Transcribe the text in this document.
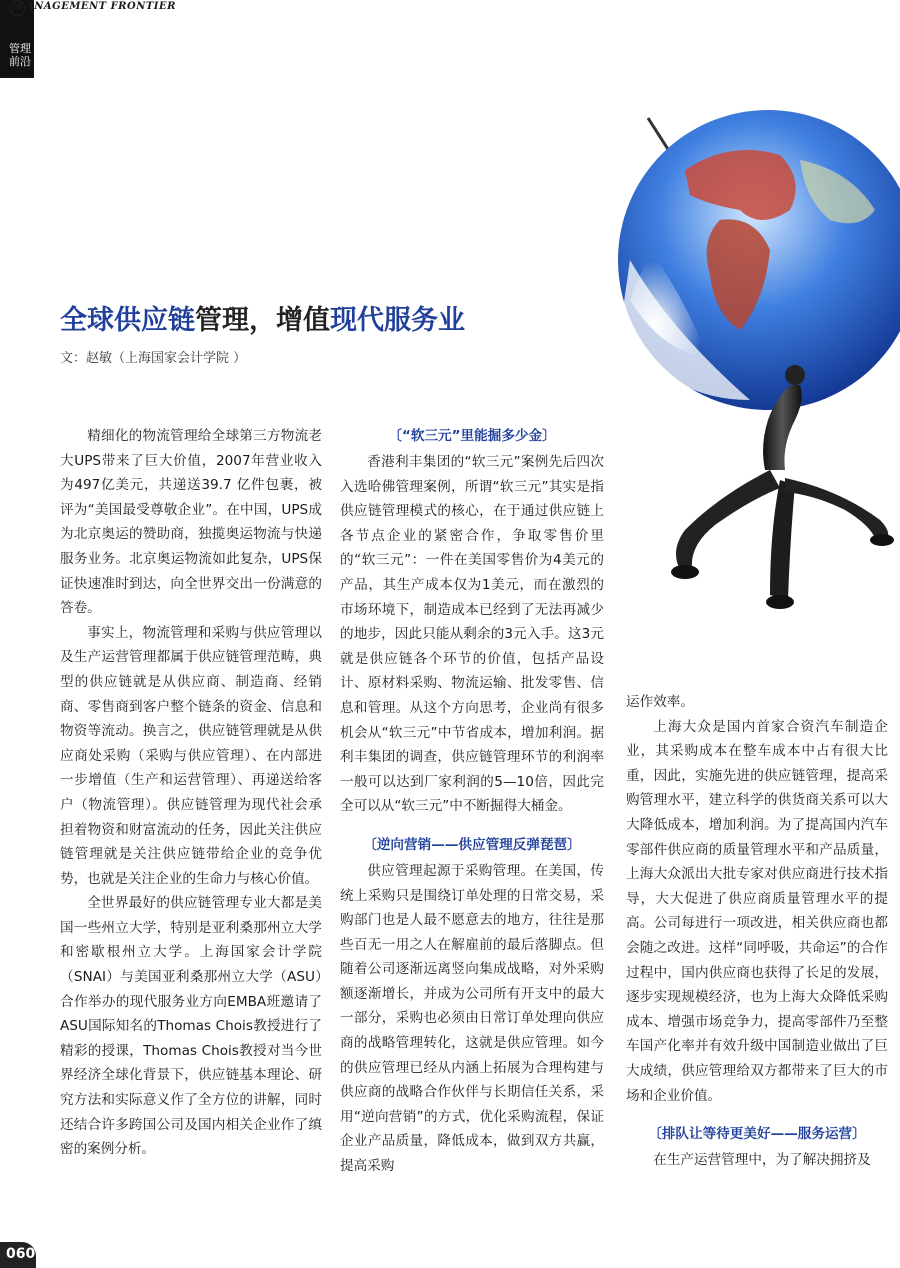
管理前沿
M ANAGEMENT FRONTIER
全球供应链管理，增值现代服务业
文：赵敏（上海国家会计学院 ）

精细化的物流管理给全球第三方物流老大UPS带来了巨大价值，2007年营业收入为497亿美元，共递送39.7 亿件包裹，被评为“美国最受尊敬企业”。在中国，UPS成为北京奥运的赞助商，独揽奥运物流与快递服务业务。北京奥运物流如此复杂，UPS保证快速准时到达，向全世界交出一份满意的答卷。

事实上，物流管理和采购与供应管理以及生产运营管理都属于供应链管理范畴，典型的供应链就是从供应商、制造商、经销商、零售商到客户整个链条的资金、信息和物资等流动。换言之，供应链管理就是从供应商处采购（采购与供应管理）、在内部进一步增值（生产和运营管理）、再递送给客户（物流管理）。供应链管理为现代社会承担着物资和财富流动的任务，因此关注供应链管理就是关注供应链带给企业的竞争优势，也就是关注企业的生命力与核心价值。

全世界最好的供应链管理专业大都是美国一些州立大学，特别是亚利桑那州立大学和密歇根州立大学。上海国家会计学院（SNAI）与美国亚利桑那州立大学（ASU）合作举办的现代服务业方向EMBA班邀请了ASU国际知名的Thomas Chois教授进行了精彩的授课，Thomas Chois教授对当今世界经济全球化背景下，供应链基本理论、研究方法和实际意义作了全方位的讲解，同时还结合许多跨国公司及国内相关企业作了缜密的案例分析。

〔“软三元”里能掘多少金〕

香港利丰集团的“软三元”案例先后四次入选哈佛管理案例，所谓“软三元”其实是指供应链管理模式的核心，在于通过供应链上各节点企业的紧密合作，争取零售价里的“软三元”：一件在美国零售价为4美元的产品，其生产成本仅为1美元，而在激烈的市场环境下，制造成本已经到了无法再减少的地步，因此只能从剩余的3元入手。这3元就是供应链各个环节的价值，包括产品设计、原材料采购、物流运输、批发零售、信息和管理。从这个方向思考，企业尚有很多机会从“软三元”中节省成本，增加利润。据利丰集团的调查，供应链管理环节的利润率一般可以达到厂家利润的5—10倍，因此完全可以从“软三元”中不断掘得大桶金。

〔逆向营销——供应管理反弹琵琶〕

供应管理起源于采购管理。在美国，传统上采购只是围绕订单处理的日常交易，采购部门也是人最不愿意去的地方，往往是那些百无一用之人在解雇前的最后落脚点。但随着公司逐渐远离竖向集成战略，对外采购额逐渐增长，并成为公司所有开支中的最大一部分，采购也必须由日常订单处理向供应商的战略管理转化，这就是供应管理。如今的供应管理已经从内涵上拓展为合理构建与供应商的战略合作伙伴与长期信任关系，采用“逆向营销”的方式，优化采购流程，保证企业产品质量，降低成本，做到双方共赢，提高采购

运作效率。

上海大众是国内首家合资汽车制造企业，其采购成本在整车成本中占有很大比重，因此，实施先进的供应链管理，提高采购管理水平，建立科学的供货商关系可以大大降低成本，增加利润。为了提高国内汽车零部件供应商的质量管理水平和产品质量，上海大众派出大批专家对供应商进行技术指导，大大促进了供应商质量管理水平的提高。公司每进行一项改进，相关供应商也都会随之改进。这样“同呼吸，共命运”的合作过程中，国内供应商也获得了长足的发展，逐步实现规模经济，也为上海大众降低采购成本、增强市场竞争力，提高零部件乃至整车国产化率并有效升级中国制造业做出了巨大成绩，供应管理给双方都带来了巨大的市场和企业价值。

〔排队让等待更美好——服务运营〕

在生产运营管理中，为了解决拥挤及

060
